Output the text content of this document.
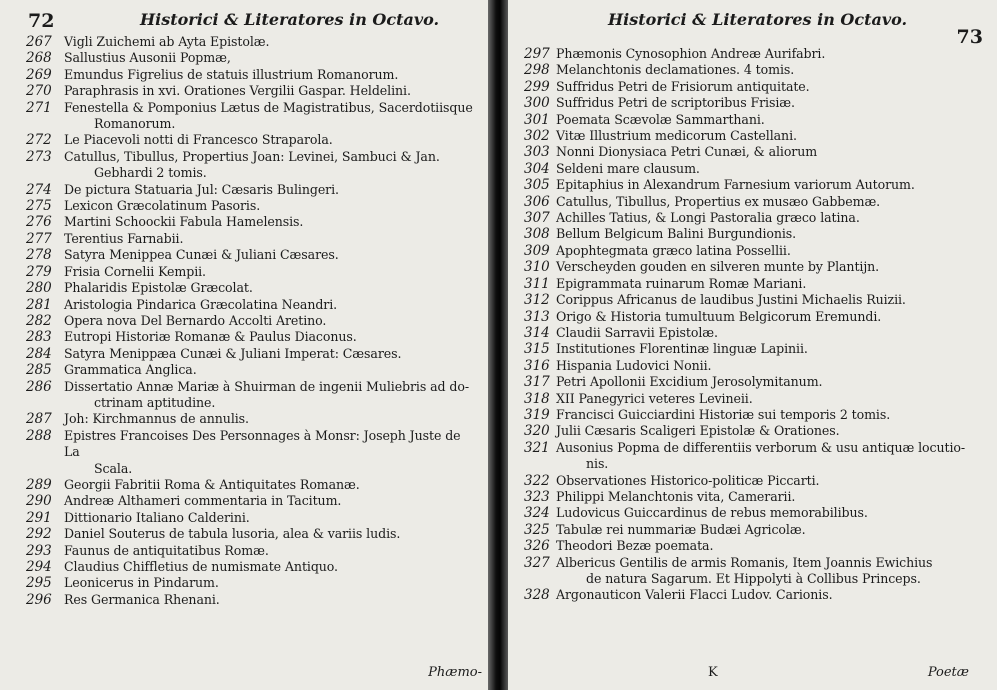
72	Historici & Literatores in Octavo.
267 Vigli Zuichemi ab Ayta Epistolæ.
268 Sallustius Ausonii Popmæ,
269 Emundus Figrelius de statuis illustrium Romanorum.
270 Paraphrasis in xvi. Orationes Vergilii Gaspar. Heldelini.
271 Fenestella & Pomponius Lætus de Magistratibus, Sacerdotiisque
Romanorum.
272 Le Piacevoli notti di Francesco Straparola.
273 Catullus, Tibullus, Propertius Joan: Levinei, Sambuci & Jan.
Gebhardi 2 tomis.
274 De pictura Statuaria Jul: Cæsaris Bulingeri.
275 Lexicon Græcolatinum Pasoris.
276 Martini Schoockii Fabula Hamelensis.
277 Terentius Farnabii.
278 Satyra Menippea Cunæi & Juliani Cæsares.
279 Frisia Cornelii Kempii.
280 Phalaridis Epistolæ Græcolat.
281 Aristologia Pindarica Græcolatina Neandri.
282 Opera nova Del Bernardo Accolti Aretino.
283 Eutropi Historiæ Romanæ & Paulus Diaconus.
284 Satyra Menippæa Cunæi & Juliani Imperat: Cæsares.
285 Grammatica Anglica.
286 Dissertatio Annæ Mariæ à Shuirman de ingenii Muliebris ad do-
ctrinam aptitudine.
287 Joh: Kirchmannus de annulis.
288 Epistres Francoises Des Personnages à Monsr: Joseph Juste de La
Scala.
289 Georgii Fabritii Roma & Antiquitates Romanæ.
290 Andreæ Althameri commentaria in Tacitum.
291 Dittionario Italiano Calderini.
292 Daniel Souterus de tabula lusoria, alea & variis ludis.
293 Faunus de antiquitatibus Romæ.
294 Claudius Chiffletius de numismate Antiquo.
295 Leonicerus in Pindarum.
296 Res Germanica Rhenani.
Phæmo-
Historici & Literatores in Octavo.
73
297 Phæmonis Cynosophion Andreæ Aurifabri.
298 Melanchtonis declamationes. 4 tomis.
299 Suffridus Petri de Frisiorum antiquitate.
300 Suffridus Petri de scriptoribus Frisiæ.
301 Poemata Scævolæ Sammarthani.
302 Vitæ Illustrium medicorum Castellani.
303 Nonni Dionysiaca Petri Cunæi, & aliorum
304 Seldeni mare clausum.
305 Epitaphius in Alexandrum Farnesium variorum Autorum.
306 Catullus, Tibullus, Propertius ex musæo Gabbemæ.
307 Achilles Tatius, & Longi Pastoralia græco latina.
308 Bellum Belgicum Balini Burgundionis.
309 Apophtegmata græco latina Possellii.
310 Verscheyden gouden en silveren munte by Plantijn.
311 Epigrammata ruinarum Romæ Mariani.
312 Corippus Africanus de laudibus Justini Michaelis Ruizii.
313 Origo & Historia tumultuum Belgicorum Eremundi.
314 Claudii Sarravii Epistolæ.
315 Institutiones Florentinæ linguæ Lapinii.
316 Hispania Ludovici Nonii.
317 Petri Apollonii Excidium Jerosolymitanum.
318 XII Panegyrici veteres Levineii.
319 Francisci Guicciardini Historiæ sui temporis 2 tomis.
320 Julii Cæsaris Scaligeri Epistolæ & Orationes.
321 Ausonius Popma de differentiis verborum & usu antiquæ locutio-
nis.
322 Observationes Historico-politicæ Piccarti.
323 Philippi Melanchtonis vita, Camerarii.
324 Ludovicus Guiccardinus de rebus memorabilibus.
325 Tabulæ rei nummariæ Budæi Agricolæ.
326 Theodori Bezæ poemata.
327 Albericus Gentilis de armis Romanis, Item Joannis Ewichius
de natura Sagarum. Et Hippolyti à Collibus Princeps.
328 Argonauticon Valerii Flacci Ludov. Carionis.
K	Poetæ
